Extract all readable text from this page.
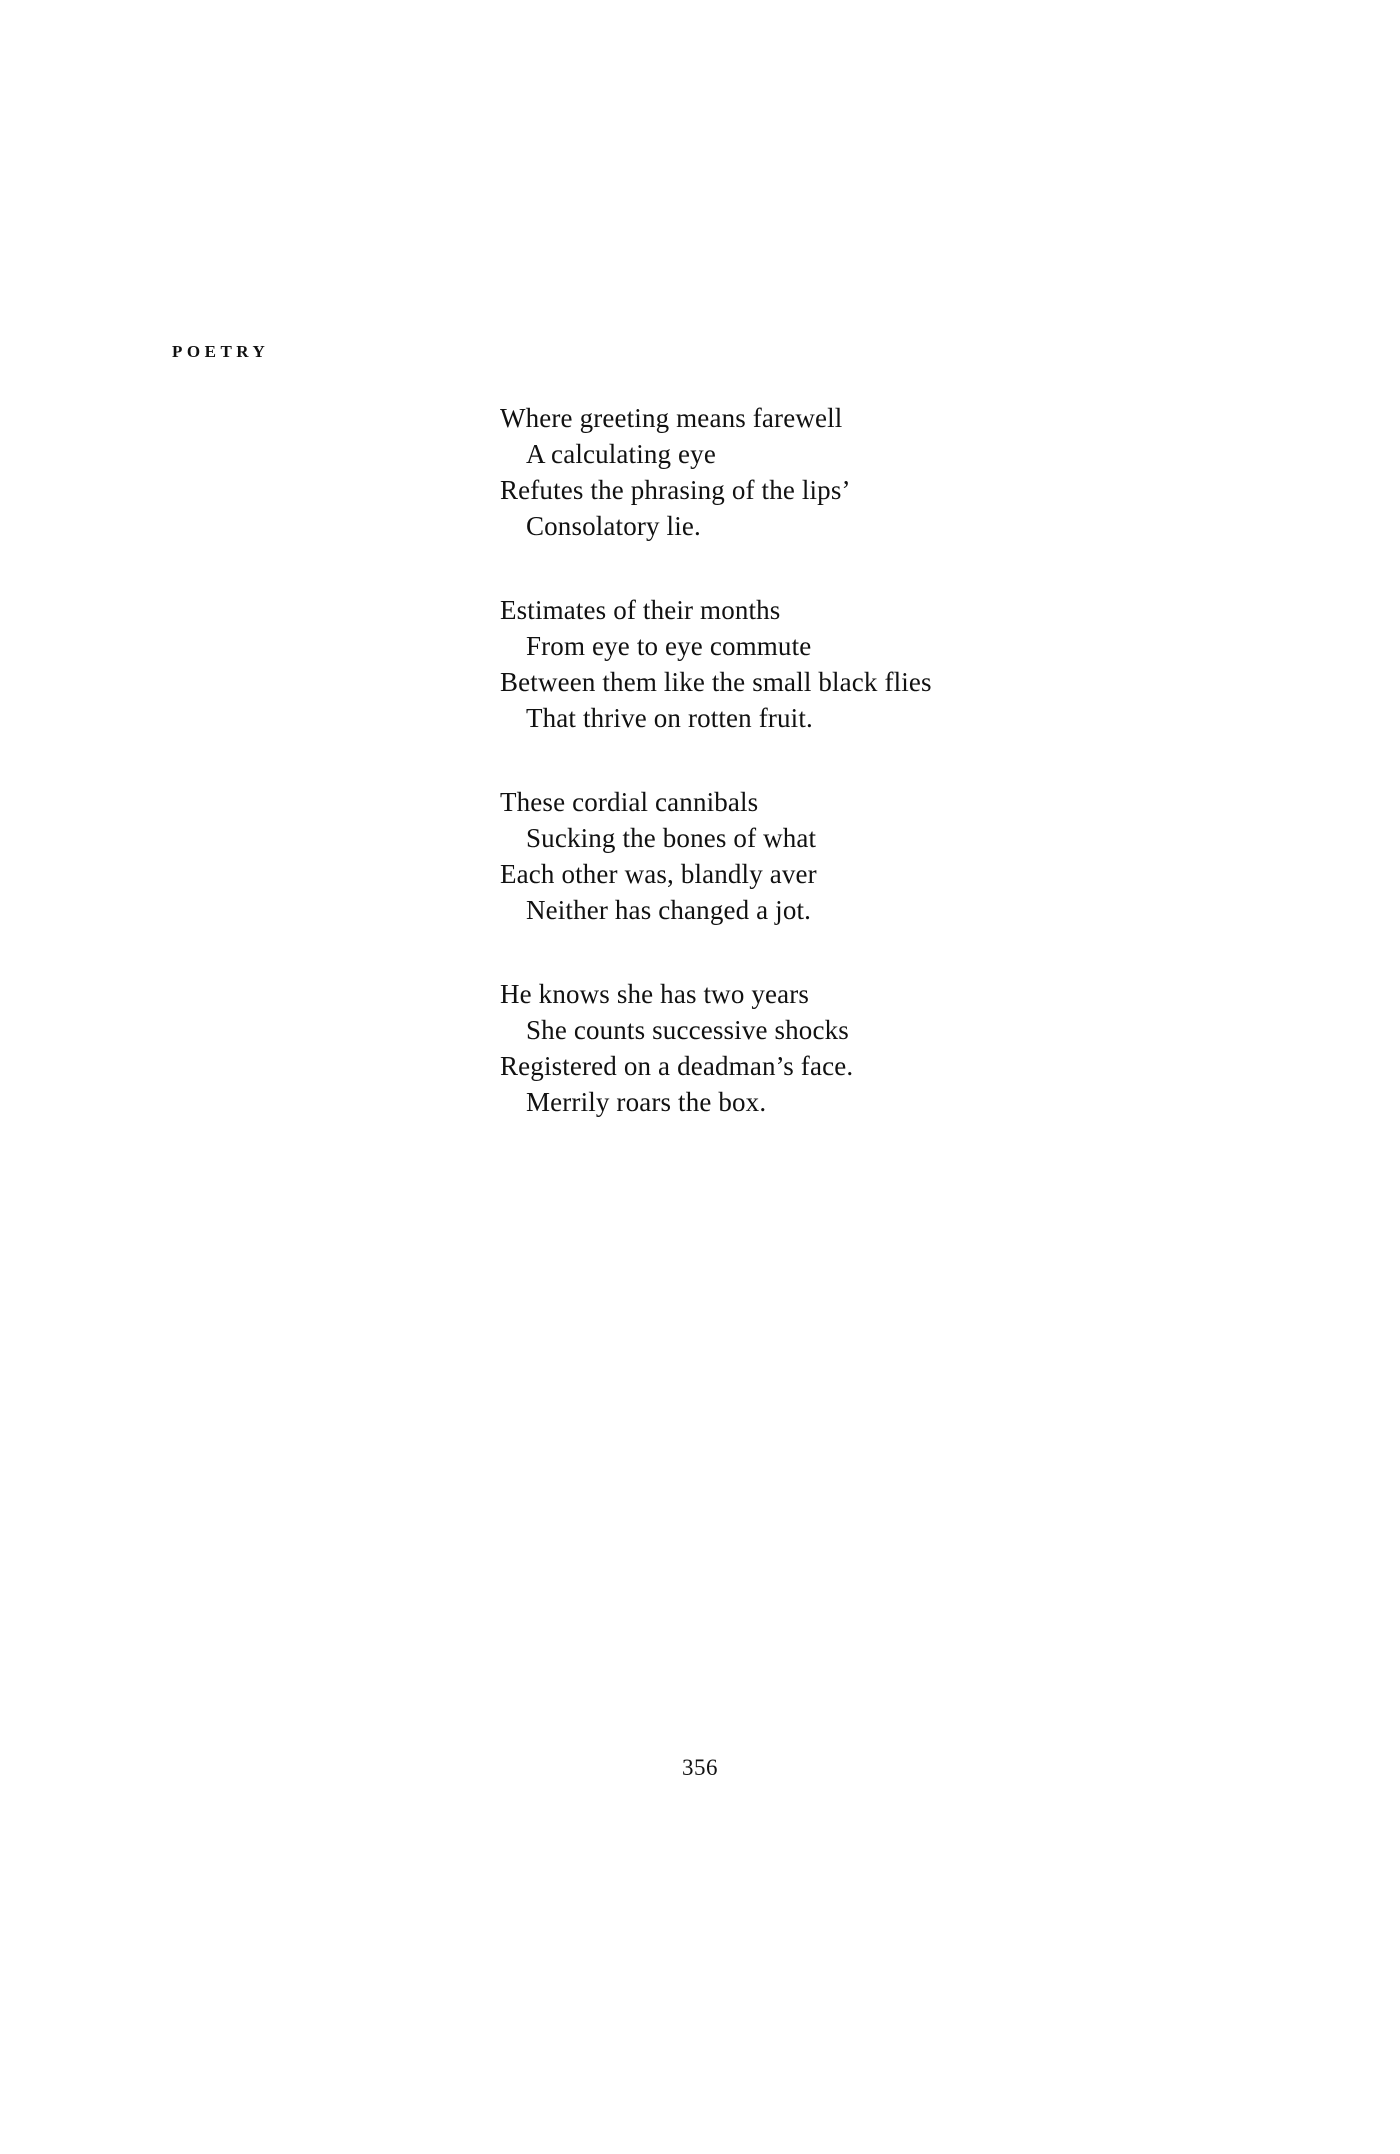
POETRY
Where greeting means farewell
A calculating eye
Refutes the phrasing of the lips’
Consolatory lie.
Estimates of their months
From eye to eye commute
Between them like the small black flies
That thrive on rotten fruit.
These cordial cannibals
Sucking the bones of what
Each other was, blandly aver
Neither has changed a jot.
He knows she has two years
She counts successive shocks
Registered on a deadman’s face.
Merrily roars the box.
356
